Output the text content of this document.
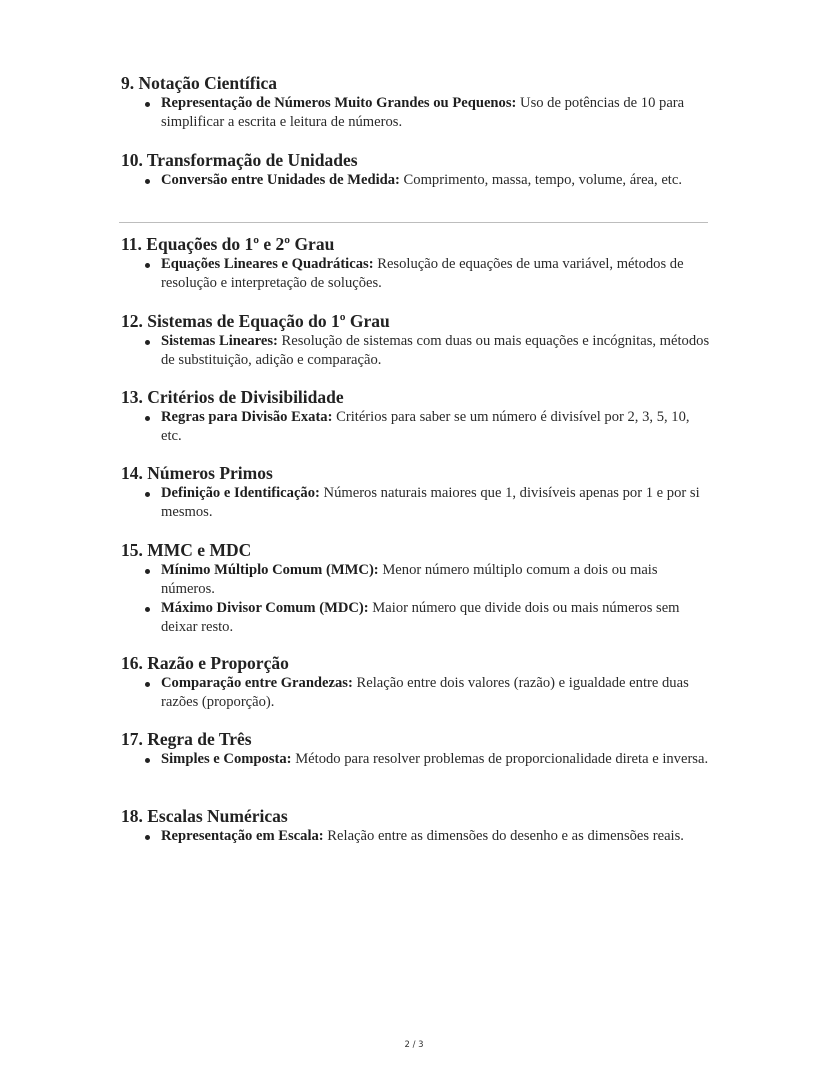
9. Notação Científica
Representação de Números Muito Grandes ou Pequenos: Uso de potências de 10 para simplificar a escrita e leitura de números.
10. Transformação de Unidades
Conversão entre Unidades de Medida: Comprimento, massa, tempo, volume, área, etc.
11. Equações do 1º e 2º Grau
Equações Lineares e Quadráticas: Resolução de equações de uma variável, métodos de resolução e interpretação de soluções.
12. Sistemas de Equação do 1º Grau
Sistemas Lineares: Resolução de sistemas com duas ou mais equações e incógnitas, métodos de substituição, adição e comparação.
13. Critérios de Divisibilidade
Regras para Divisão Exata: Critérios para saber se um número é divisível por 2, 3, 5, 10, etc.
14. Números Primos
Definição e Identificação: Números naturais maiores que 1, divisíveis apenas por 1 e por si mesmos.
15. MMC e MDC
Mínimo Múltiplo Comum (MMC): Menor número múltiplo comum a dois ou mais números.
Máximo Divisor Comum (MDC): Maior número que divide dois ou mais números sem deixar resto.
16. Razão e Proporção
Comparação entre Grandezas: Relação entre dois valores (razão) e igualdade entre duas razões (proporção).
17. Regra de Três
Simples e Composta: Método para resolver problemas de proporcionalidade direta e inversa.
18. Escalas Numéricas
Representação em Escala: Relação entre as dimensões do desenho e as dimensões reais.
2 / 3
